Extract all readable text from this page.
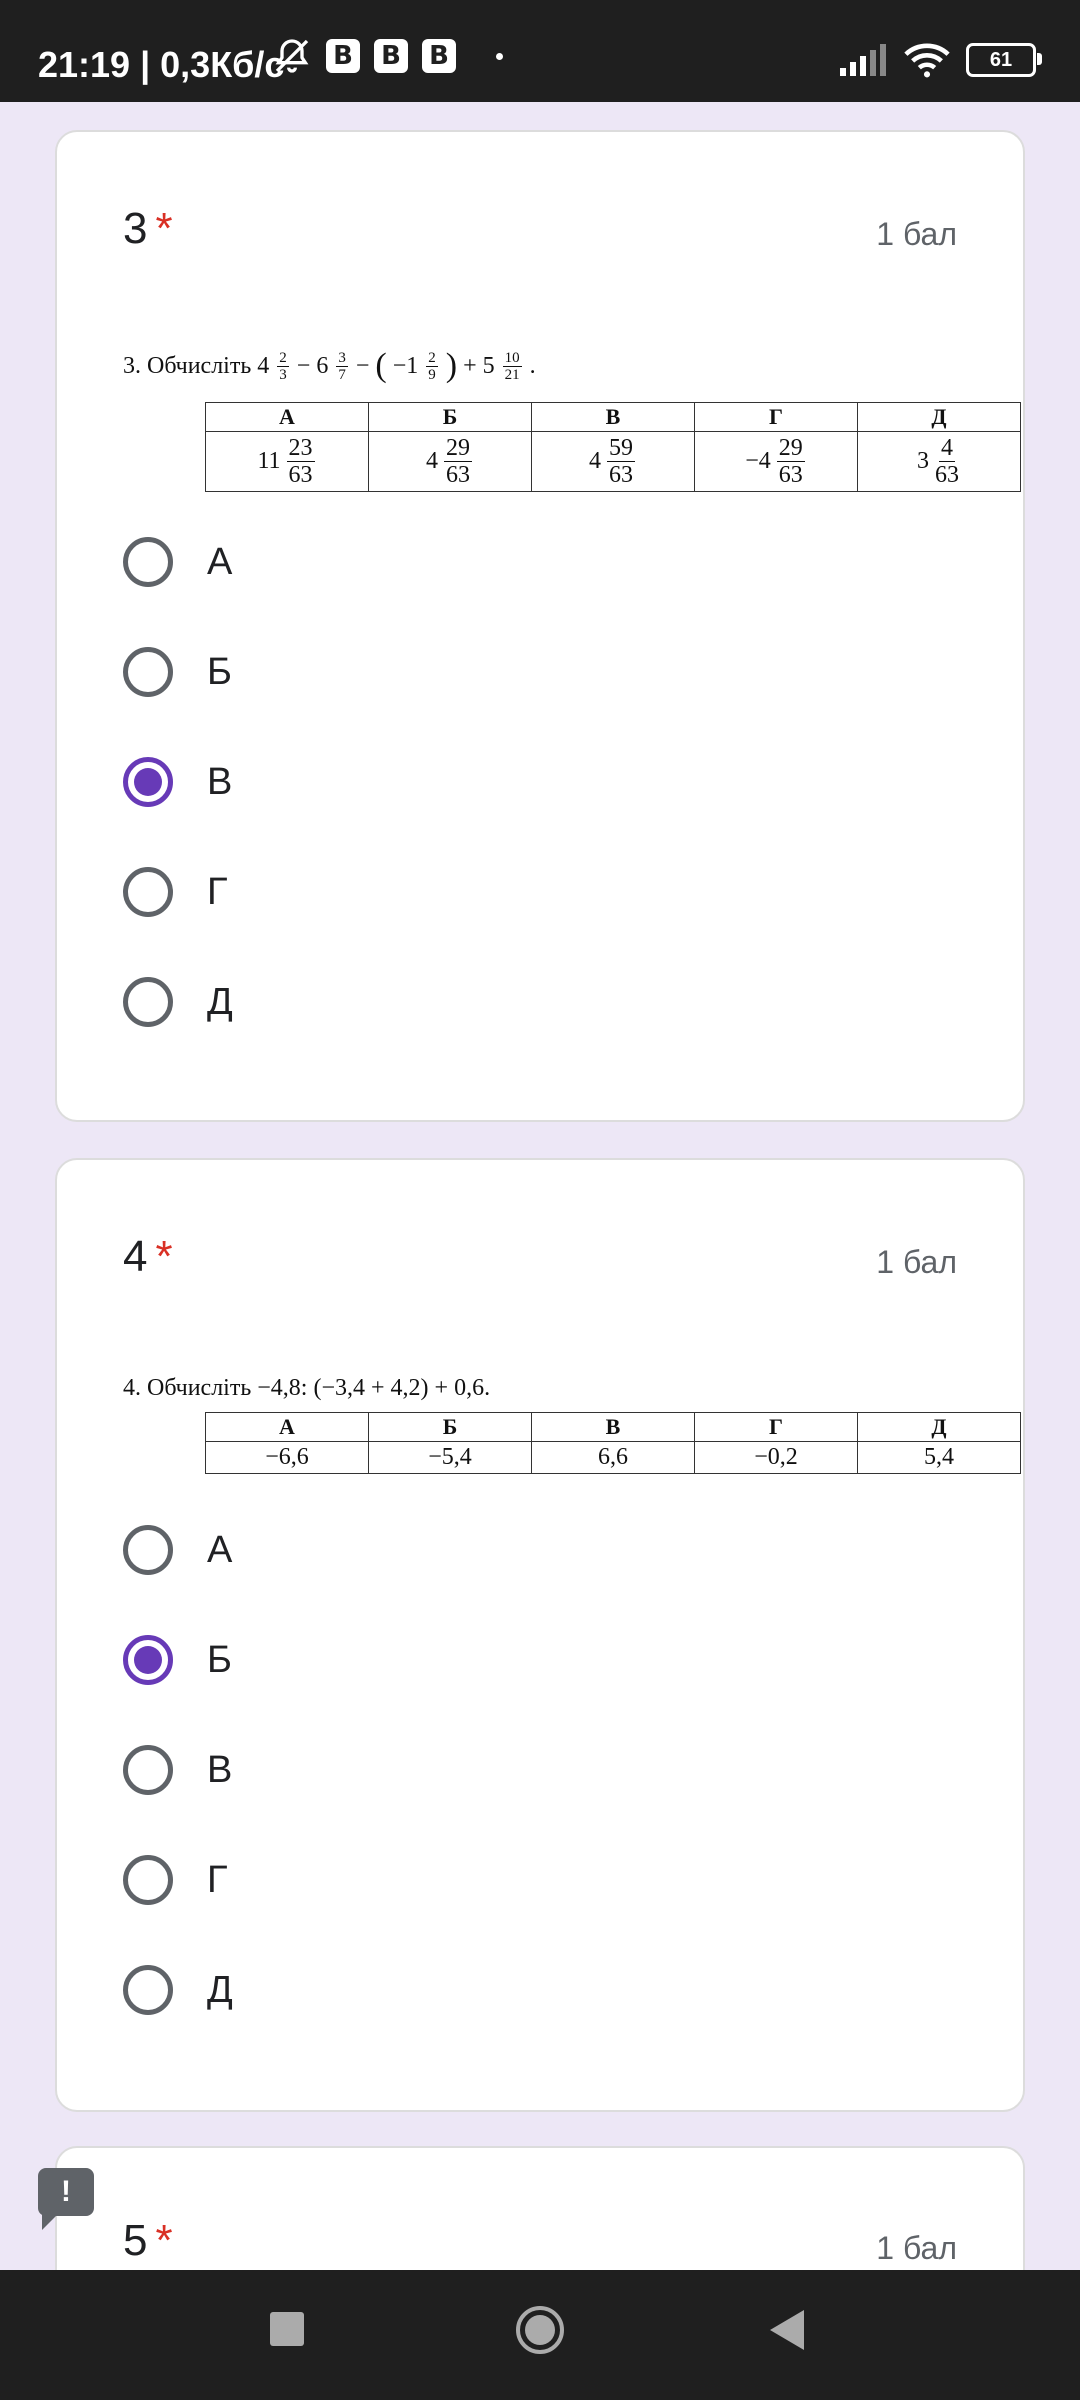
21:19 | 0,3Кб/с В В В	61
3 *	1 бал
3. Обчисліть $4 \frac{2}{3} - 6 \frac{3}{7}$ − ( $-1 \frac{2}{9}$ ) + $5 \frac{10}{21}$ .
А	Б	В	Г	Д

$11 \frac{23}{63}$	$4 \frac{29}{63}$	$4 \frac{59}{63}$	$-4 \frac{29}{63}$	$3 \frac{4}{63}$
А
Б
В
Г
Д
4 *	1 бал
4. Обчисліть −4,8: (−3,4 + 4,2) + 0,6.
А	Б	В	Г	Д
−6,6	−5,4	6,6	−0,2	5,4
А
Б
В
Г
Д
5 *	1 бал
!
